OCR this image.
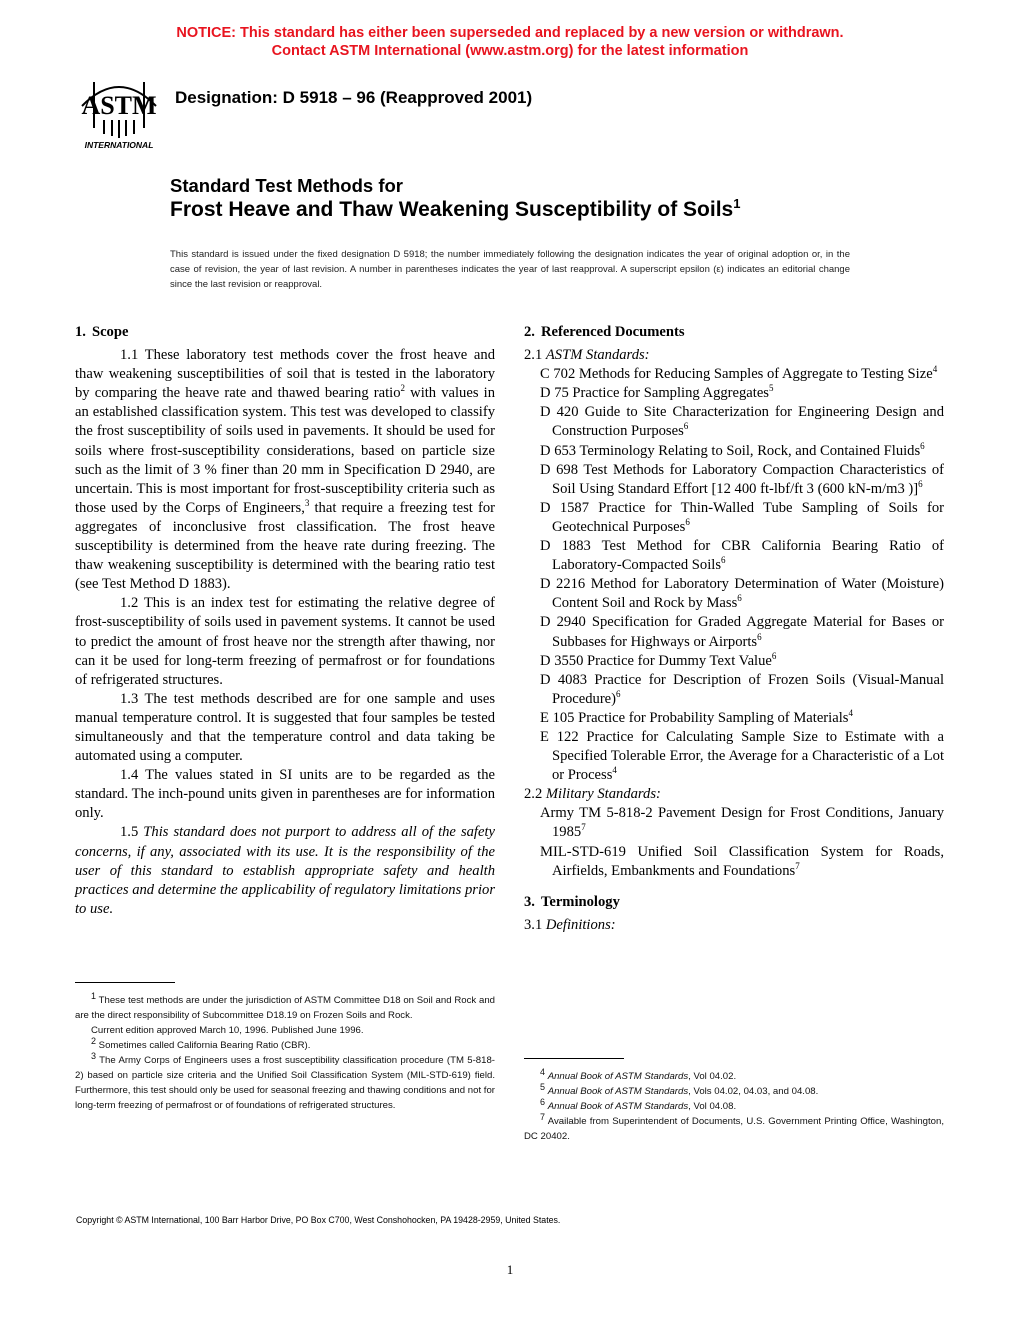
NOTICE: This standard has either been superseded and replaced by a new version or withdrawn.
Contact ASTM International (www.astm.org) for the latest information
ASTM
INTERNATIONAL
Designation: D 5918 – 96 (Reapproved 2001)
Standard Test Methods for
Frost Heave and Thaw Weakening Susceptibility of Soils$^1$
This standard is issued under the fixed designation D 5918; the number immediately following the designation indicates the year of original adoption or, in the case of revision, the year of last revision. A number in parentheses indicates the year of last reapproval. A superscript epsilon (ε) indicates an editorial change since the last revision or reapproval.
1. Scope

1.1 These laboratory test methods cover the frost heave and thaw weakening susceptibilities of soil that is tested in the laboratory by comparing the heave rate and thawed bearing ratio$^2$ with values in an established classification system. This test was developed to classify the frost susceptibility of soils used in pavements. It should be used for soils where frost-susceptibility considerations, based on particle size such as the limit of 3 % finer than 20 mm in Specification D 2940, are uncertain. This is most important for frost-susceptibility criteria such as those used by the Corps of Engineers,$^3$ that require a freezing test for aggregates of inconclusive frost classification. The frost heave susceptibility is determined from the heave rate during freezing. The thaw weakening susceptibility is determined with the bearing ratio test (see Test Method D 1883).

1.2 This is an index test for estimating the relative degree of frost-susceptibility of soils used in pavement systems. It cannot be used to predict the amount of frost heave nor the strength after thawing, nor can it be used for long-term freezing of permafrost or for foundations of refrigerated structures.

1.3 The test methods described are for one sample and uses manual temperature control. It is suggested that four samples be tested simultaneously and that the temperature control and data taking be automated using a computer.

1.4 The values stated in SI units are to be regarded as the standard. The inch-pound units given in parentheses are for information only.

1.5 This standard does not purport to address all of the safety concerns, if any, associated with its use. It is the responsibility of the user of this standard to establish appropriate safety and health practices and determine the applicability of regulatory limitations prior to use.

$^1$ These test methods are under the jurisdiction of ASTM Committee D18 on Soil and Rock and are the direct responsibility of Subcommittee D18.19 on Frozen Soils and Rock.

Current edition approved March 10, 1996. Published June 1996.

$^2$ Sometimes called California Bearing Ratio (CBR).

$^3$ The Army Corps of Engineers uses a frost susceptibility classification procedure (TM 5-818-2) based on particle size criteria and the Unified Soil Classification System (MIL-STD-619) field. Furthermore, this test should only be used for seasonal freezing and thawing conditions and not for long-term freezing of permafrost or of foundations of refrigerated structures.

2. Referenced Documents

2.1 ASTM Standards:

C 702 Methods for Reducing Samples of Aggregate to Testing Size$^4$

D 75 Practice for Sampling Aggregates$^5$

D 420 Guide to Site Characterization for Engineering Design and Construction Purposes$^6$

D 653 Terminology Relating to Soil, Rock, and Contained Fluids$^6$

D 698 Test Methods for Laboratory Compaction Characteristics of Soil Using Standard Effort [12 400 ft-lbf/ft 3 (600 kN-m/m3 )]$^6$

D 1587 Practice for Thin-Walled Tube Sampling of Soils for Geotechnical Purposes$^6$

D 1883 Test Method for CBR California Bearing Ratio of Laboratory-Compacted Soils$^6$

D 2216 Method for Laboratory Determination of Water (Moisture) Content Soil and Rock by Mass$^6$

D 2940 Specification for Graded Aggregate Material for Bases or Subbases for Highways or Airports$^6$

D 3550 Practice for Dummy Text Value$^6$

D 4083 Practice for Description of Frozen Soils (Visual-Manual Procedure)$^6$

E 105 Practice for Probability Sampling of Materials$^4$

E 122 Practice for Calculating Sample Size to Estimate with a Specified Tolerable Error, the Average for a Characteristic of a Lot or Process$^4$

2.2 Military Standards:

Army TM 5-818-2 Pavement Design for Frost Conditions, January 1985$^7$

MIL-STD-619 Unified Soil Classification System for Roads, Airfields, Embankments and Foundations$^7$

3. Terminology

3.1 Definitions:

$^4$ Annual Book of ASTM Standards, Vol 04.02.

$^5$ Annual Book of ASTM Standards, Vols 04.02, 04.03, and 04.08.

$^6$ Annual Book of ASTM Standards, Vol 04.08.

$^7$ Available from Superintendent of Documents, U.S. Government Printing Office, Washington, DC 20402.

Copyright © ASTM International, 100 Barr Harbor Drive, PO Box C700, West Conshohocken, PA 19428-2959, United States.
1
